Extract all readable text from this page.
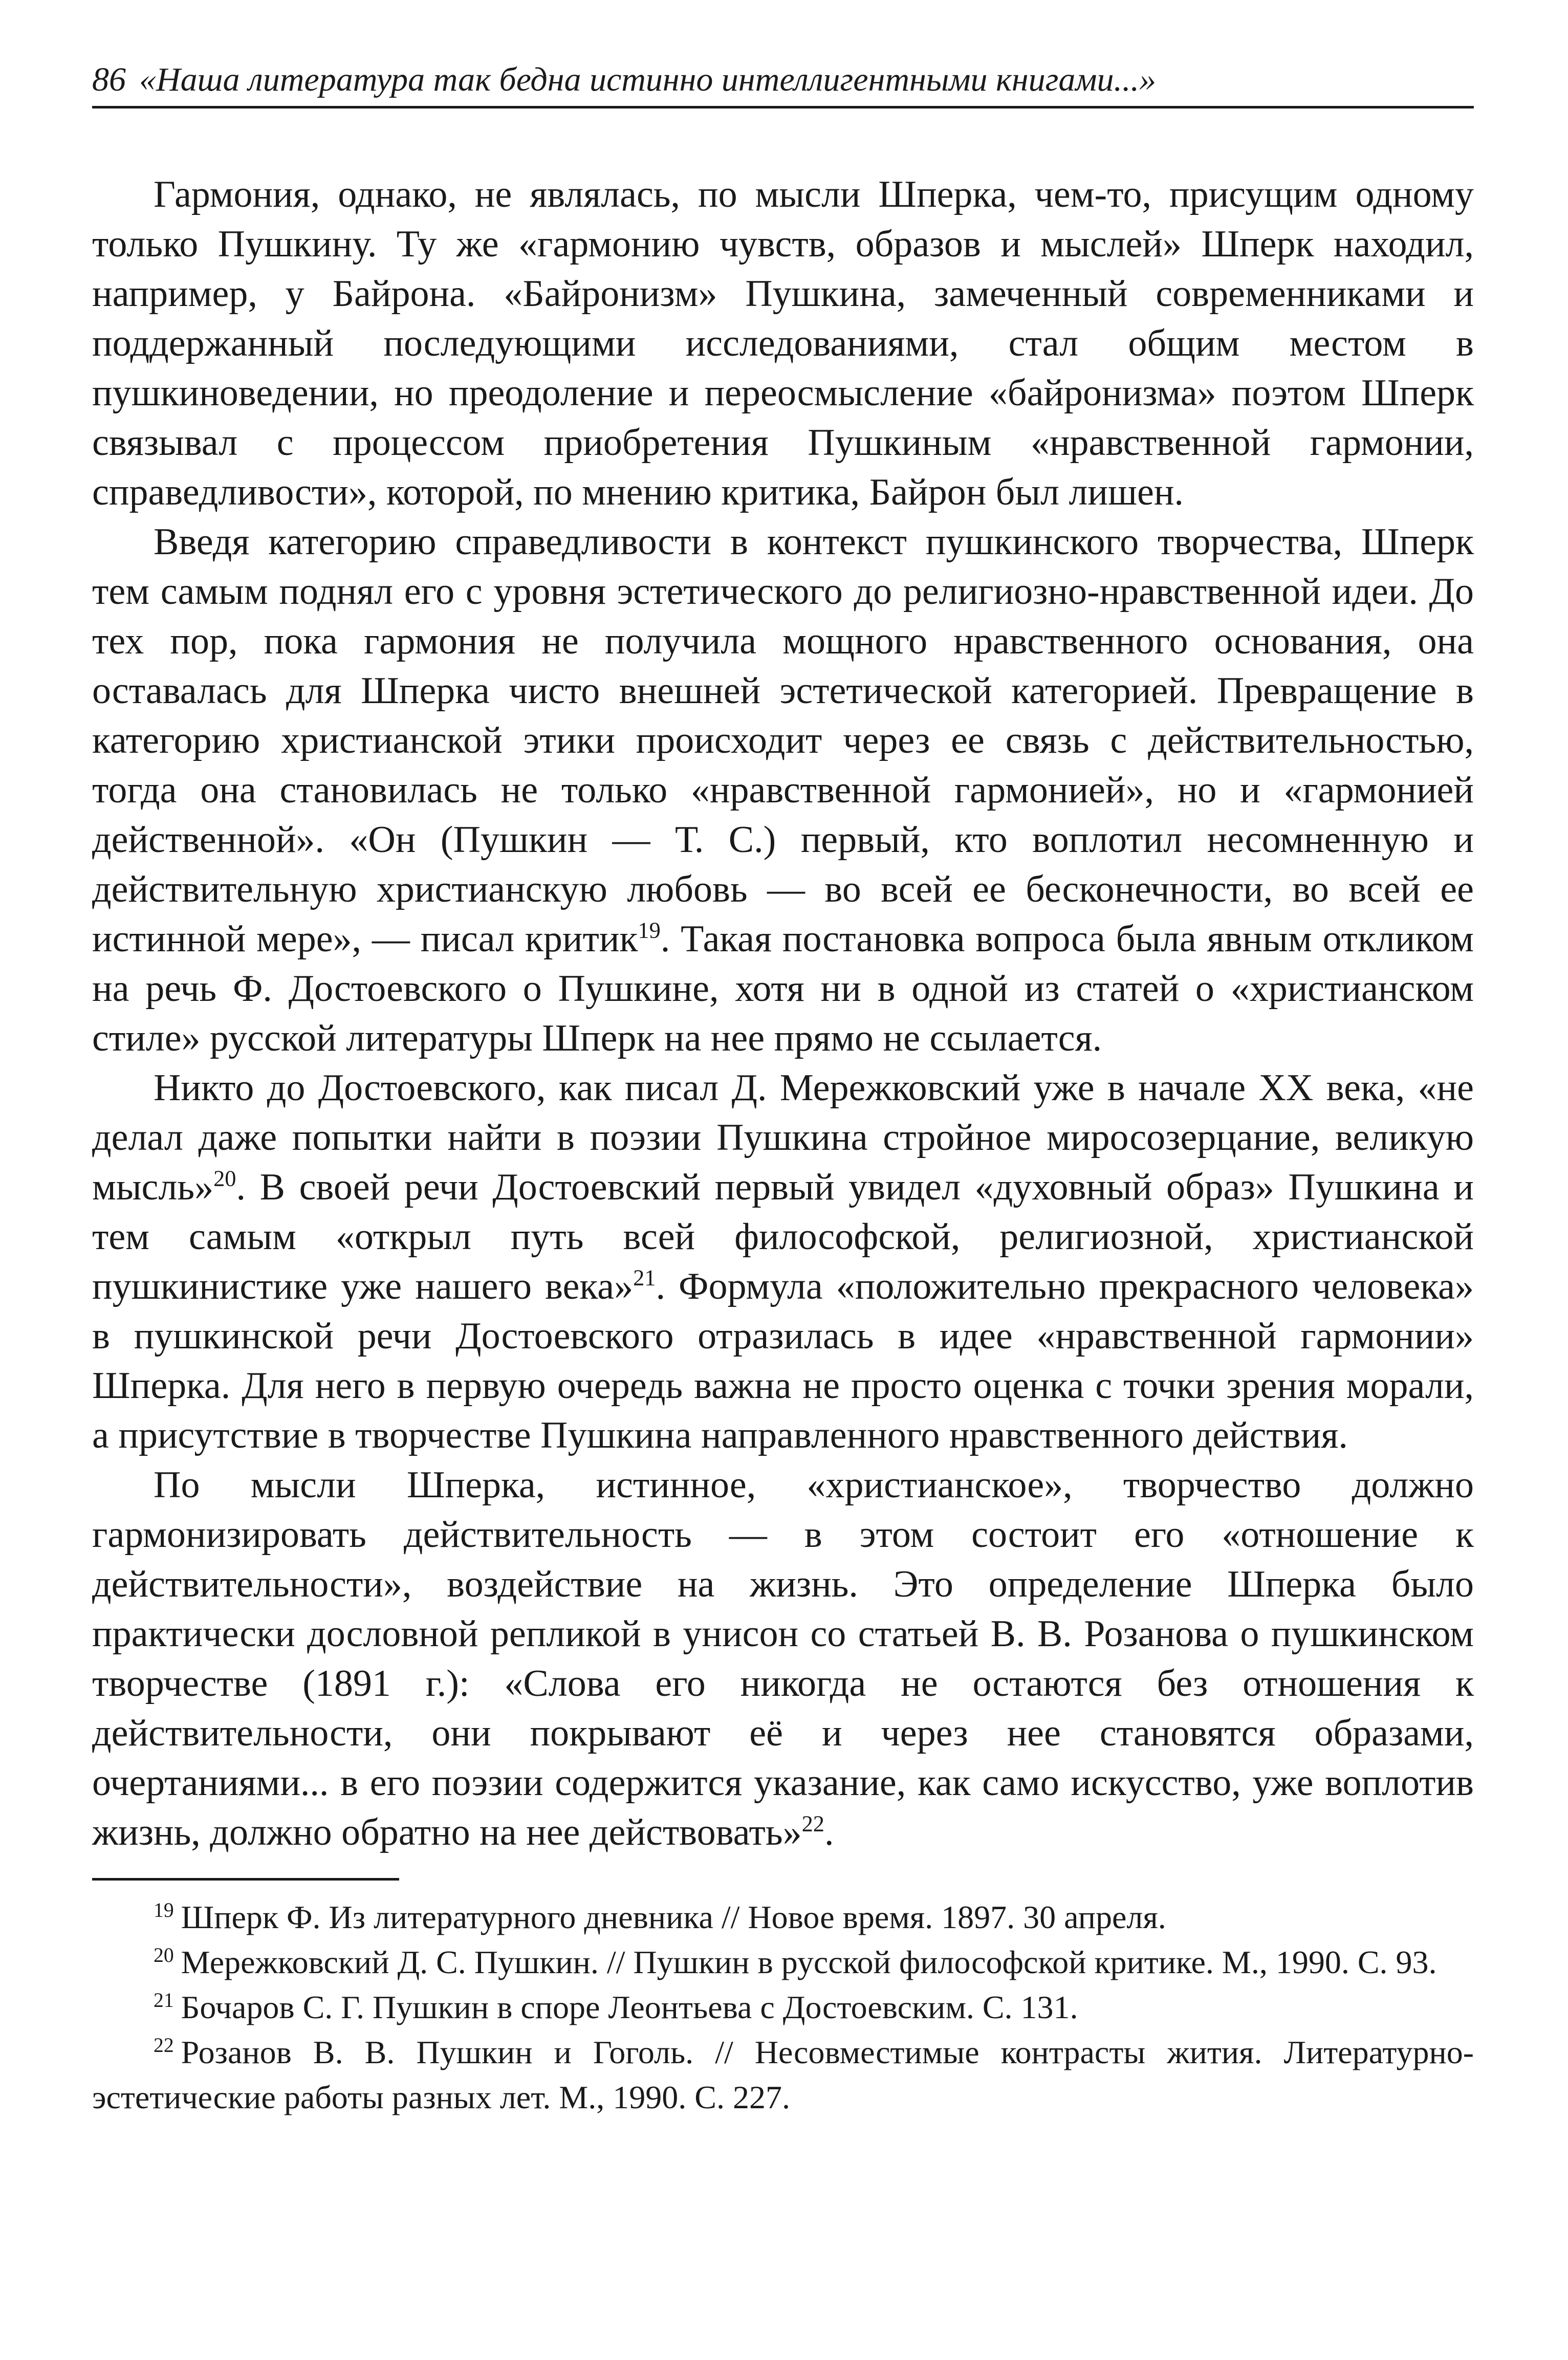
86 «Наша литература так бедна истинно интеллигентными книгами...»

Гармония, однако, не являлась, по мысли Шперка, чем-то, присущим одному только Пушкину. Ту же «гармонию чувств, образов и мыслей» Шперк находил, например, у Байрона. «Байронизм» Пушкина, замеченный современниками и поддержанный последующими исследованиями, стал общим местом в пушкиноведении, но преодоление и переосмысление «байронизма» поэтом Шперк связывал с процессом приобретения Пушкиным «нравственной гармонии, справедливости», которой, по мнению критика, Байрон был лишен.

Введя категорию справедливости в контекст пушкинского творчества, Шперк тем самым поднял его с уровня эстетического до религиозно-нравственной идеи. До тех пор, пока гармония не получила мощного нравственного основания, она оставалась для Шперка чисто внешней эстетической категорией. Превращение в категорию христианской этики происходит через ее связь с действительностью, тогда она становилась не только «нравственной гармонией», но и «гармонией действенной». «Он (Пушкин — Т. С.) первый, кто воплотил несомненную и действительную христианскую любовь — во всей ее бесконечности, во всей ее истинной мере», — писал критик$^{19}$. Такая постановка вопроса была явным откликом на речь Ф. Достоевского о Пушкине, хотя ни в одной из статей о «христианском стиле» русской литературы Шперк на нее прямо не ссылается.

Никто до Достоевского, как писал Д. Мережковский уже в начале XX века, «не делал даже попытки найти в поэзии Пушкина стройное миросозерцание, великую мысль»$^{20}$. В своей речи Достоевский первый увидел «духовный образ» Пушкина и тем самым «открыл путь всей философской, религиозной, христианской пушкинистике уже нашего века»$^{21}$. Формула «положительно прекрасного человека» в пушкинской речи Достоевского отразилась в идее «нравственной гармонии» Шперка. Для него в первую очередь важна не просто оценка с точки зрения морали, а присутствие в творчестве Пушкина направленного нравственного действия.

По мысли Шперка, истинное, «христианское», творчество должно гармонизировать действительность — в этом состоит его «отношение к действительности», воздействие на жизнь. Это определение Шперка было практически дословной репликой в унисон со статьей В. В. Розанова о пушкинском творчестве (1891 г.): «Слова его никогда не остаются без отношения к действительности, они покрывают её и через нее становятся образами, очертаниями... в его поэзии содержится указание, как само искусство, уже воплотив жизнь, должно обратно на нее действовать»$^{22}$.

$^{19}$ Шперк Ф. Из литературного дневника // Новое время. 1897. 30 апреля.

$^{20}$ Мережковский Д. С. Пушкин. // Пушкин в русской философской критике. М., 1990. С. 93.

$^{21}$ Бочаров С. Г. Пушкин в споре Леонтьева с Достоевским. С. 131.

$^{22}$ Розанов В. В. Пушкин и Гоголь. // Несовместимые контрасты жития. Литературно-эстетические работы разных лет. М., 1990. С. 227.
